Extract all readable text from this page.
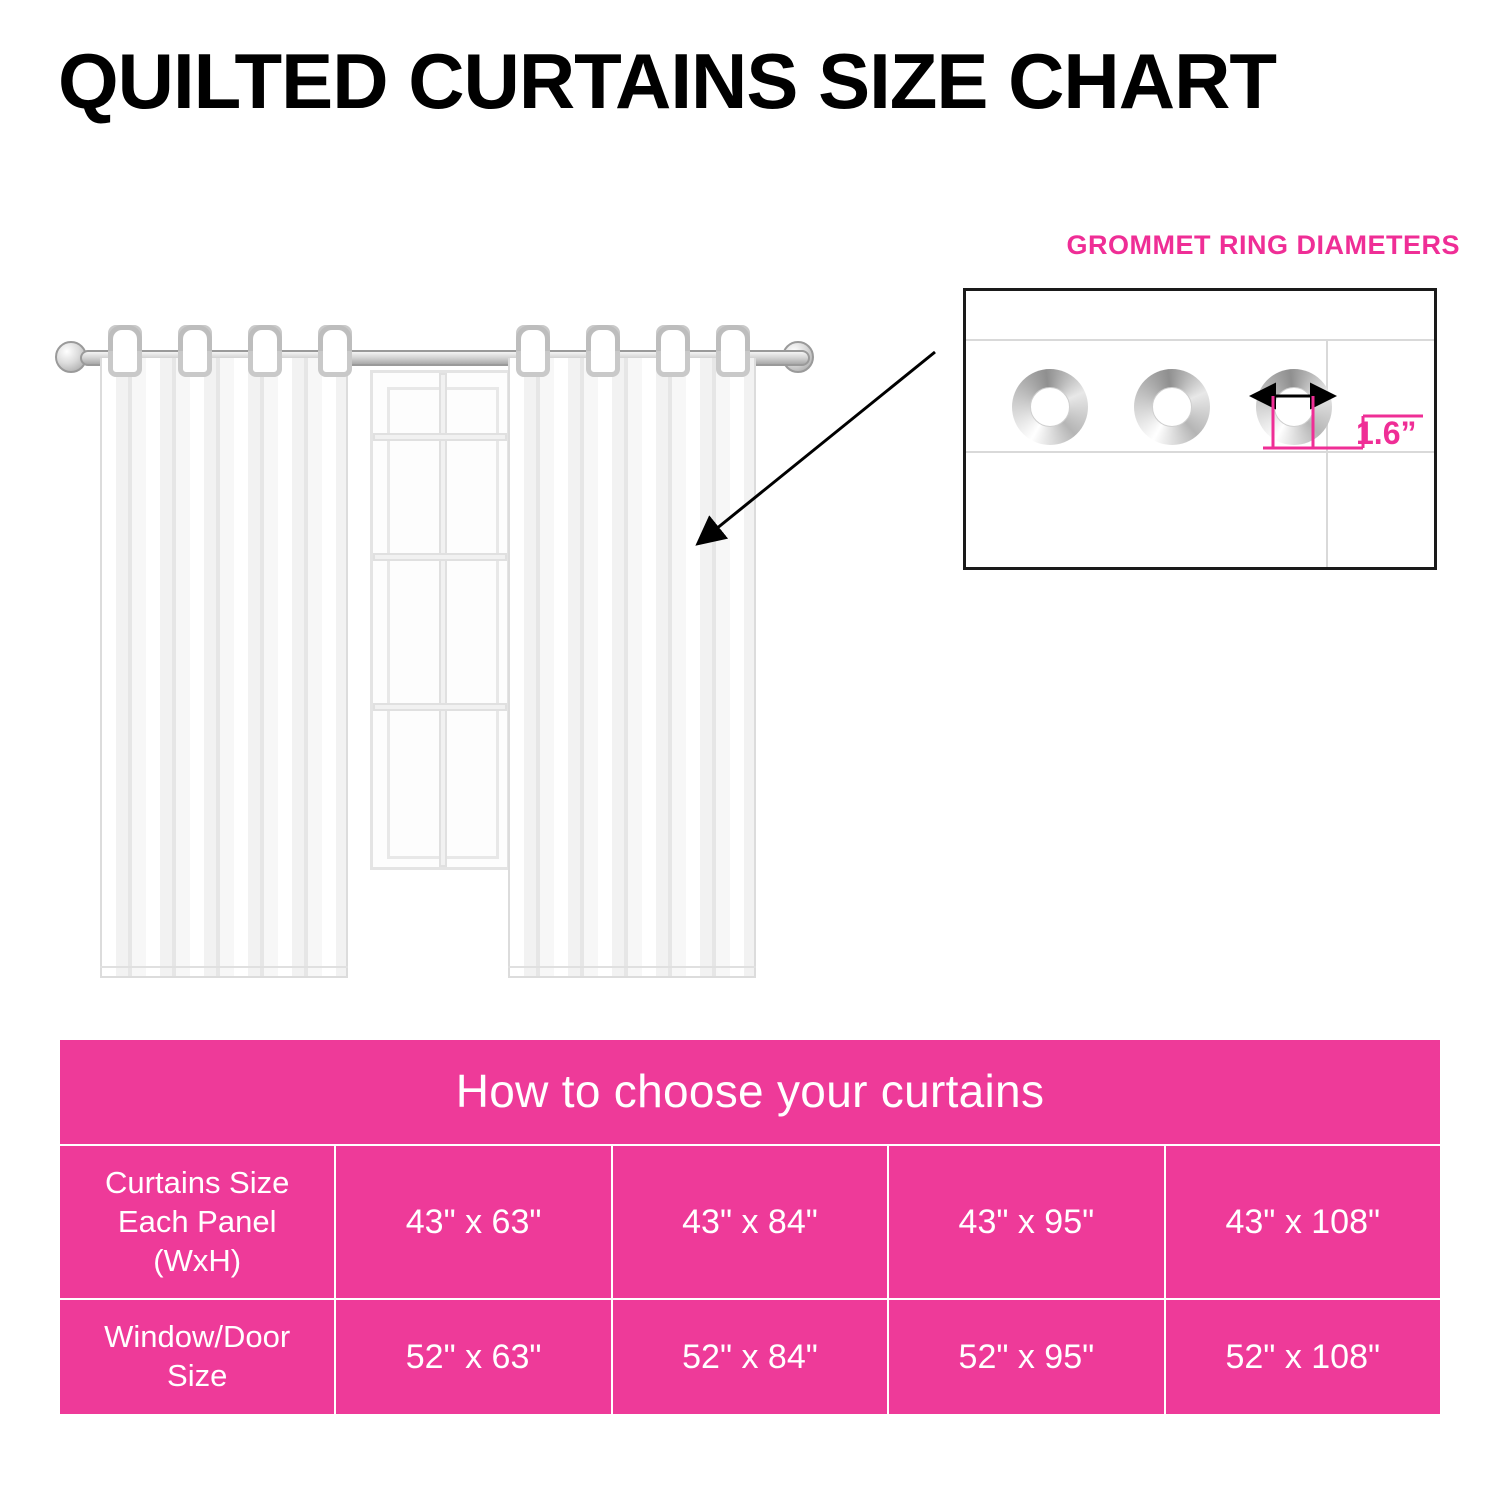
QUILTED CURTAINS SIZE CHART
GROMMET RING DIAMETERS
1.6”
How to choose your curtains				

Curtains Size
Each Panel
(WxH)	43" x 63"	43" x 84"	43" x 95"	43" x 108"

Window/Door
Size	52" x 63"	52" x 84"	52" x 95"	52" x 108"
